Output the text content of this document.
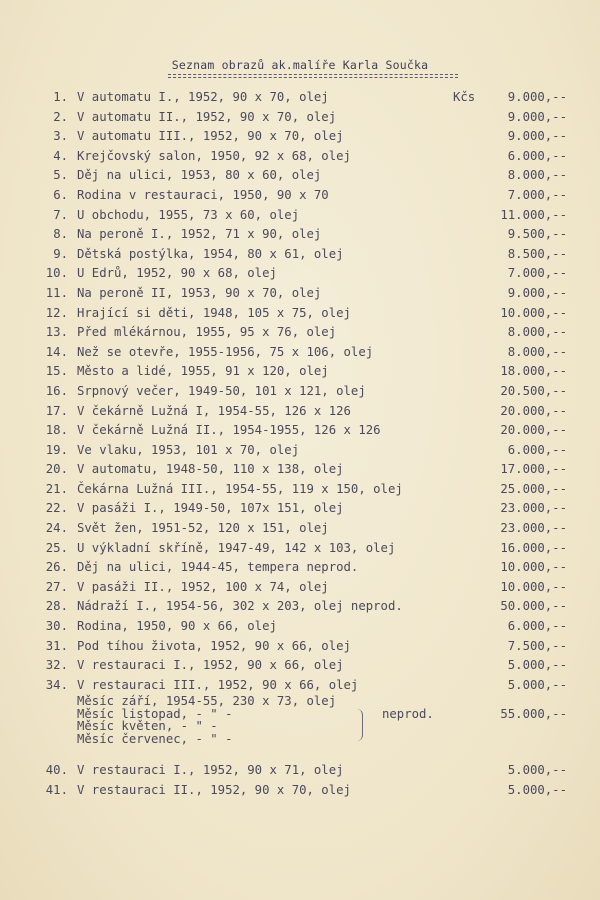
Seznam obrazů ak.malíře Karla Součka
1. V automatu I., 1952, 90 x 70, olej	Kčs	9.000,--
2. V automatu II., 1952, 90 x 70, olej	9.000,--
3. V automatu III., 1952, 90 x 70, olej	9.000,--
4. Krejčovský salon, 1950, 92 x 68, olej	6.000,--
5. Děj na ulici, 1953, 80 x 60, olej	8.000,--
6. Rodina v restauraci, 1950, 90 x 70	7.000,--
7. U obchodu, 1955, 73 x 60, olej	11.000,--
8. Na peroně I., 1952, 71 x 90, olej	9.500,--
9. Dětská postýlka, 1954, 80 x 61, olej	8.500,--
10. U Edrů, 1952, 90 x 68, olej	7.000,--
11. Na peroně II, 1953, 90 x 70, olej	9.000,--
12. Hrající si děti, 1948, 105 x 75, olej	10.000,--
13. Před mlékárnou, 1955, 95 x 76, olej	8.000,--
14. Než se otevře, 1955-1956, 75 x 106, olej	8.000,--
15. Město a lidé, 1955, 91 x 120, olej	18.000,--
16. Srpnový večer, 1949-50, 101 x 121, olej	20.500,--
17. V čekárně Lužná I, 1954-55, 126 x 126	20.000,--
18. V čekárně Lužná II., 1954-1955, 126 x 126	20.000,--
19. Ve vlaku, 1953, 101 x 70, olej	6.000,--
20. V automatu, 1948-50, 110 x 138, olej	17.000,--
21. Čekárna Lužná III., 1954-55, 119 x 150, olej	25.000,--
22. V pasáži I., 1949-50, 107x 151, olej	23.000,--
24. Svět žen, 1951-52, 120 x 151, olej	23.000,--
25. U výkladní skříně, 1947-49, 142 x 103, olej	16.000,--
26. Děj na ulici, 1944-45, tempera neprod.	10.000,--
27. V pasáži II., 1952, 100 x 74, olej	10.000,--
28. Nádraží I., 1954-56, 302 x 203, olej neprod.	50.000,--
30. Rodina, 1950, 90 x 66, olej	6.000,--
31. Pod tíhou života, 1952, 90 x 66, olej	7.500,--
32. V restauraci I., 1952, 90 x 66, olej	5.000,--
34. V restauraci III., 1952, 90 x 66, olej	5.000,--
Měsíc září, 1954-55, 230 x 73, olej
Měsíc listopad, - " -
Měsíc květen, - " -
Měsíc červenec, - " -
neprod.	55.000,--
40. V restauraci I., 1952, 90 x 71, olej	5.000,--
41. V restauraci II., 1952, 90 x 70, olej	5.000,--
